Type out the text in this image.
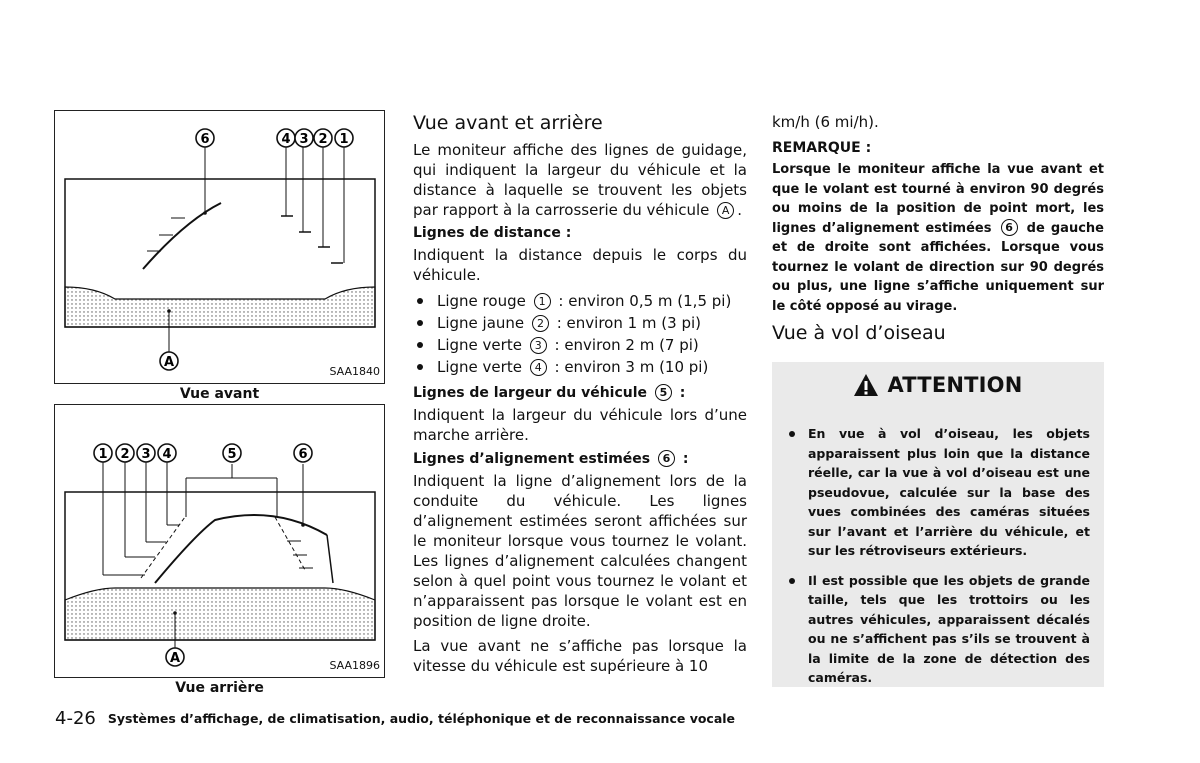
6	4 3 2 1
A
SAA1840
Vue avant
1 2 3 4	5	6
A	SAA1896
Vue arrière
Vue avant et arrière

Le moniteur affiche des lignes de guidage, qui indiquent la largeur du véhicule et la distance à laquelle se trouvent les objets par rapport à la carrosserie du véhicule A .

Lignes de distance :

Indiquent la distance depuis le corps du véhicule.

Ligne rouge 1 : environ 0,5 m (1,5 pi)
Ligne jaune 2 : environ 1 m (3 pi)
Ligne verte 3 : environ 2 m (7 pi)
Ligne verte 4 : environ 3 m (10 pi)
Lignes de largeur du véhicule 5 :

Indiquent la largeur du véhicule lors d’une marche arrière.

Lignes d’alignement estimées 6 :

Indiquent la ligne d’alignement lors de la conduite du véhicule. Les lignes d’alignement estimées seront affichées sur le moniteur lorsque vous tournez le volant. Les lignes d’alignement calculées changent selon à quel point vous tournez le volant et n’apparaissent pas lorsque le volant est en position de ligne droite.

La vue avant ne s’affiche pas lorsque la vitesse du véhicule est supérieure à 10

km/h (6 mi/h).

REMARQUE :

Lorsque le moniteur affiche la vue avant et que le volant est tourné à environ 90 degrés ou moins de la position de point mort, les lignes d’alignement estimées 6 de gauche et de droite sont affichées. Lorsque vous tournez le volant de direction sur 90 degrés ou plus, une ligne s’affiche uniquement sur le côté opposé au virage.

Vue à vol d’oiseau
ATTENTION
En vue à vol d’oiseau, les objets apparaissent plus loin que la distance réelle, car la vue à vol d’oiseau est une pseudovue, calculée sur la base des vues combinées des caméras situées sur l’avant et l’arrière du véhicule, et sur les rétroviseurs extérieurs.
Il est possible que les objets de grande taille, tels que les trottoirs ou les autres véhicules, apparaissent décalés ou ne s’affichent pas s’ils se trouvent à la limite de la zone de détection des caméras.
4-26 Systèmes d’affichage, de climatisation, audio, téléphonique et de reconnaissance vocale
